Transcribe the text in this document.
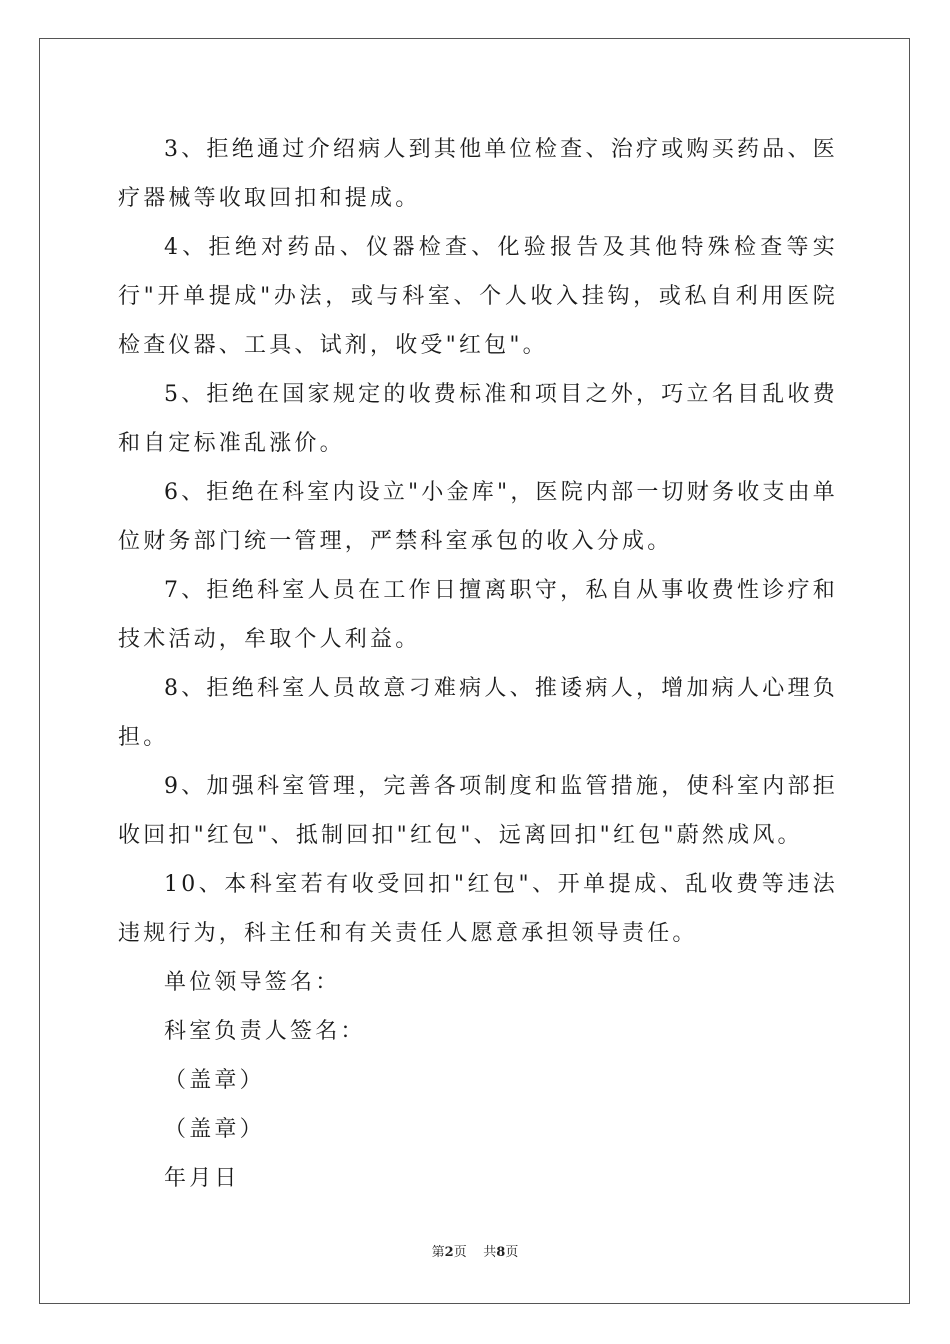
3、拒绝通过介绍病人到其他单位检查、治疗或购买药品、医疗器械等收取回扣和提成。

4、拒绝对药品、仪器检查、化验报告及其他特殊检查等实行"开单提成"办法，或与科室、个人收入挂钩，或私自利用医院检查仪器、工具、试剂，收受"红包"。

5、拒绝在国家规定的收费标准和项目之外，巧立名目乱收费和自定标准乱涨价。

6、拒绝在科室内设立"小金库"，医院内部一切财务收支由单位财务部门统一管理，严禁科室承包的收入分成。

7、拒绝科室人员在工作日擅离职守，私自从事收费性诊疗和技术活动，牟取个人利益。

8、拒绝科室人员故意刁难病人、推诿病人，增加病人心理负担。

9、加强科室管理，完善各项制度和监管措施，使科室内部拒收回扣"红包"、抵制回扣"红包"、远离回扣"红包"蔚然成风。

10、本科室若有收受回扣"红包"、开单提成、乱收费等违法违规行为，科主任和有关责任人愿意承担领导责任。

单位领导签名：

科室负责人签名：

（盖章）

（盖章）

年月日

第2页 共8页
